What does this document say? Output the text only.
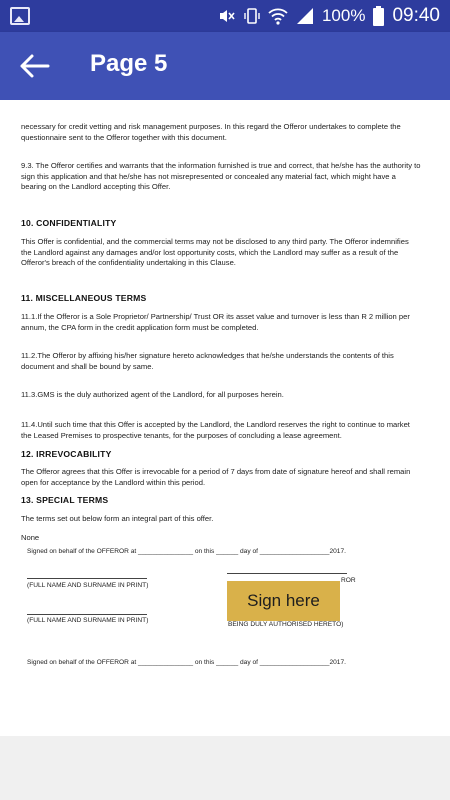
100% 09:40
Page 5

necessary for credit vetting and risk management purposes. In this regard the Offeror undertakes to complete the questionnaire sent to the Offeror together with this document.

9.3. The Offeror certifies and warrants that the information furnished is true and correct, that he/she has the authority to sign this application and that he/she has not misrepresented or concealed any material fact, which might have a bearing on the Landlord accepting this Offer.

10. CONFIDENTIALITY

This Offer is confidential, and the commercial terms may not be disclosed to any third party. The Offeror indemnifies the Landlord against any damages and/or lost opportunity costs, which the Landlord may suffer as a result of the Offeror's breach of the confidentiality undertaking in this Clause.

11. MISCELLANEOUS TERMS

11.1.If the Offeror is a Sole Proprietor/ Partnership/ Trust OR its asset value and turnover is less than R 2 million per annum, the CPA form in the credit application form must be completed.

11.2.The Offeror by affixing his/her signature hereto acknowledges that he/she understands the contents of this document and shall be bound by same.

11.3.GMS is the duly authorized agent of the Landlord, for all purposes herein.

11.4.Until such time that this Offer is accepted by the Landlord, the Landlord reserves the right to continue to market the Leased Premises to prospective tenants, for the purposes of concluding a lease agreement.

12. IRREVOCABILITY

The Offeror agrees that this Offer is irrevocable for a period of 7 days from date of signature hereof and shall remain open for acceptance by the Landlord within this period.

13. SPECIAL TERMS

The terms set out below form an integral part of this offer.

None

Signed on behalf of the OFFEROR at _______________ on this ______ day of ___________________2017.
ROR
(FULL NAME AND SURNAME IN PRINT)
(FULL NAME AND SURNAME IN PRINT)
BEING DULY AUTHORISED HERETO)
Signed on behalf of the OFFEROR at _______________ on this ______ day of ___________________2017.
Sign here
